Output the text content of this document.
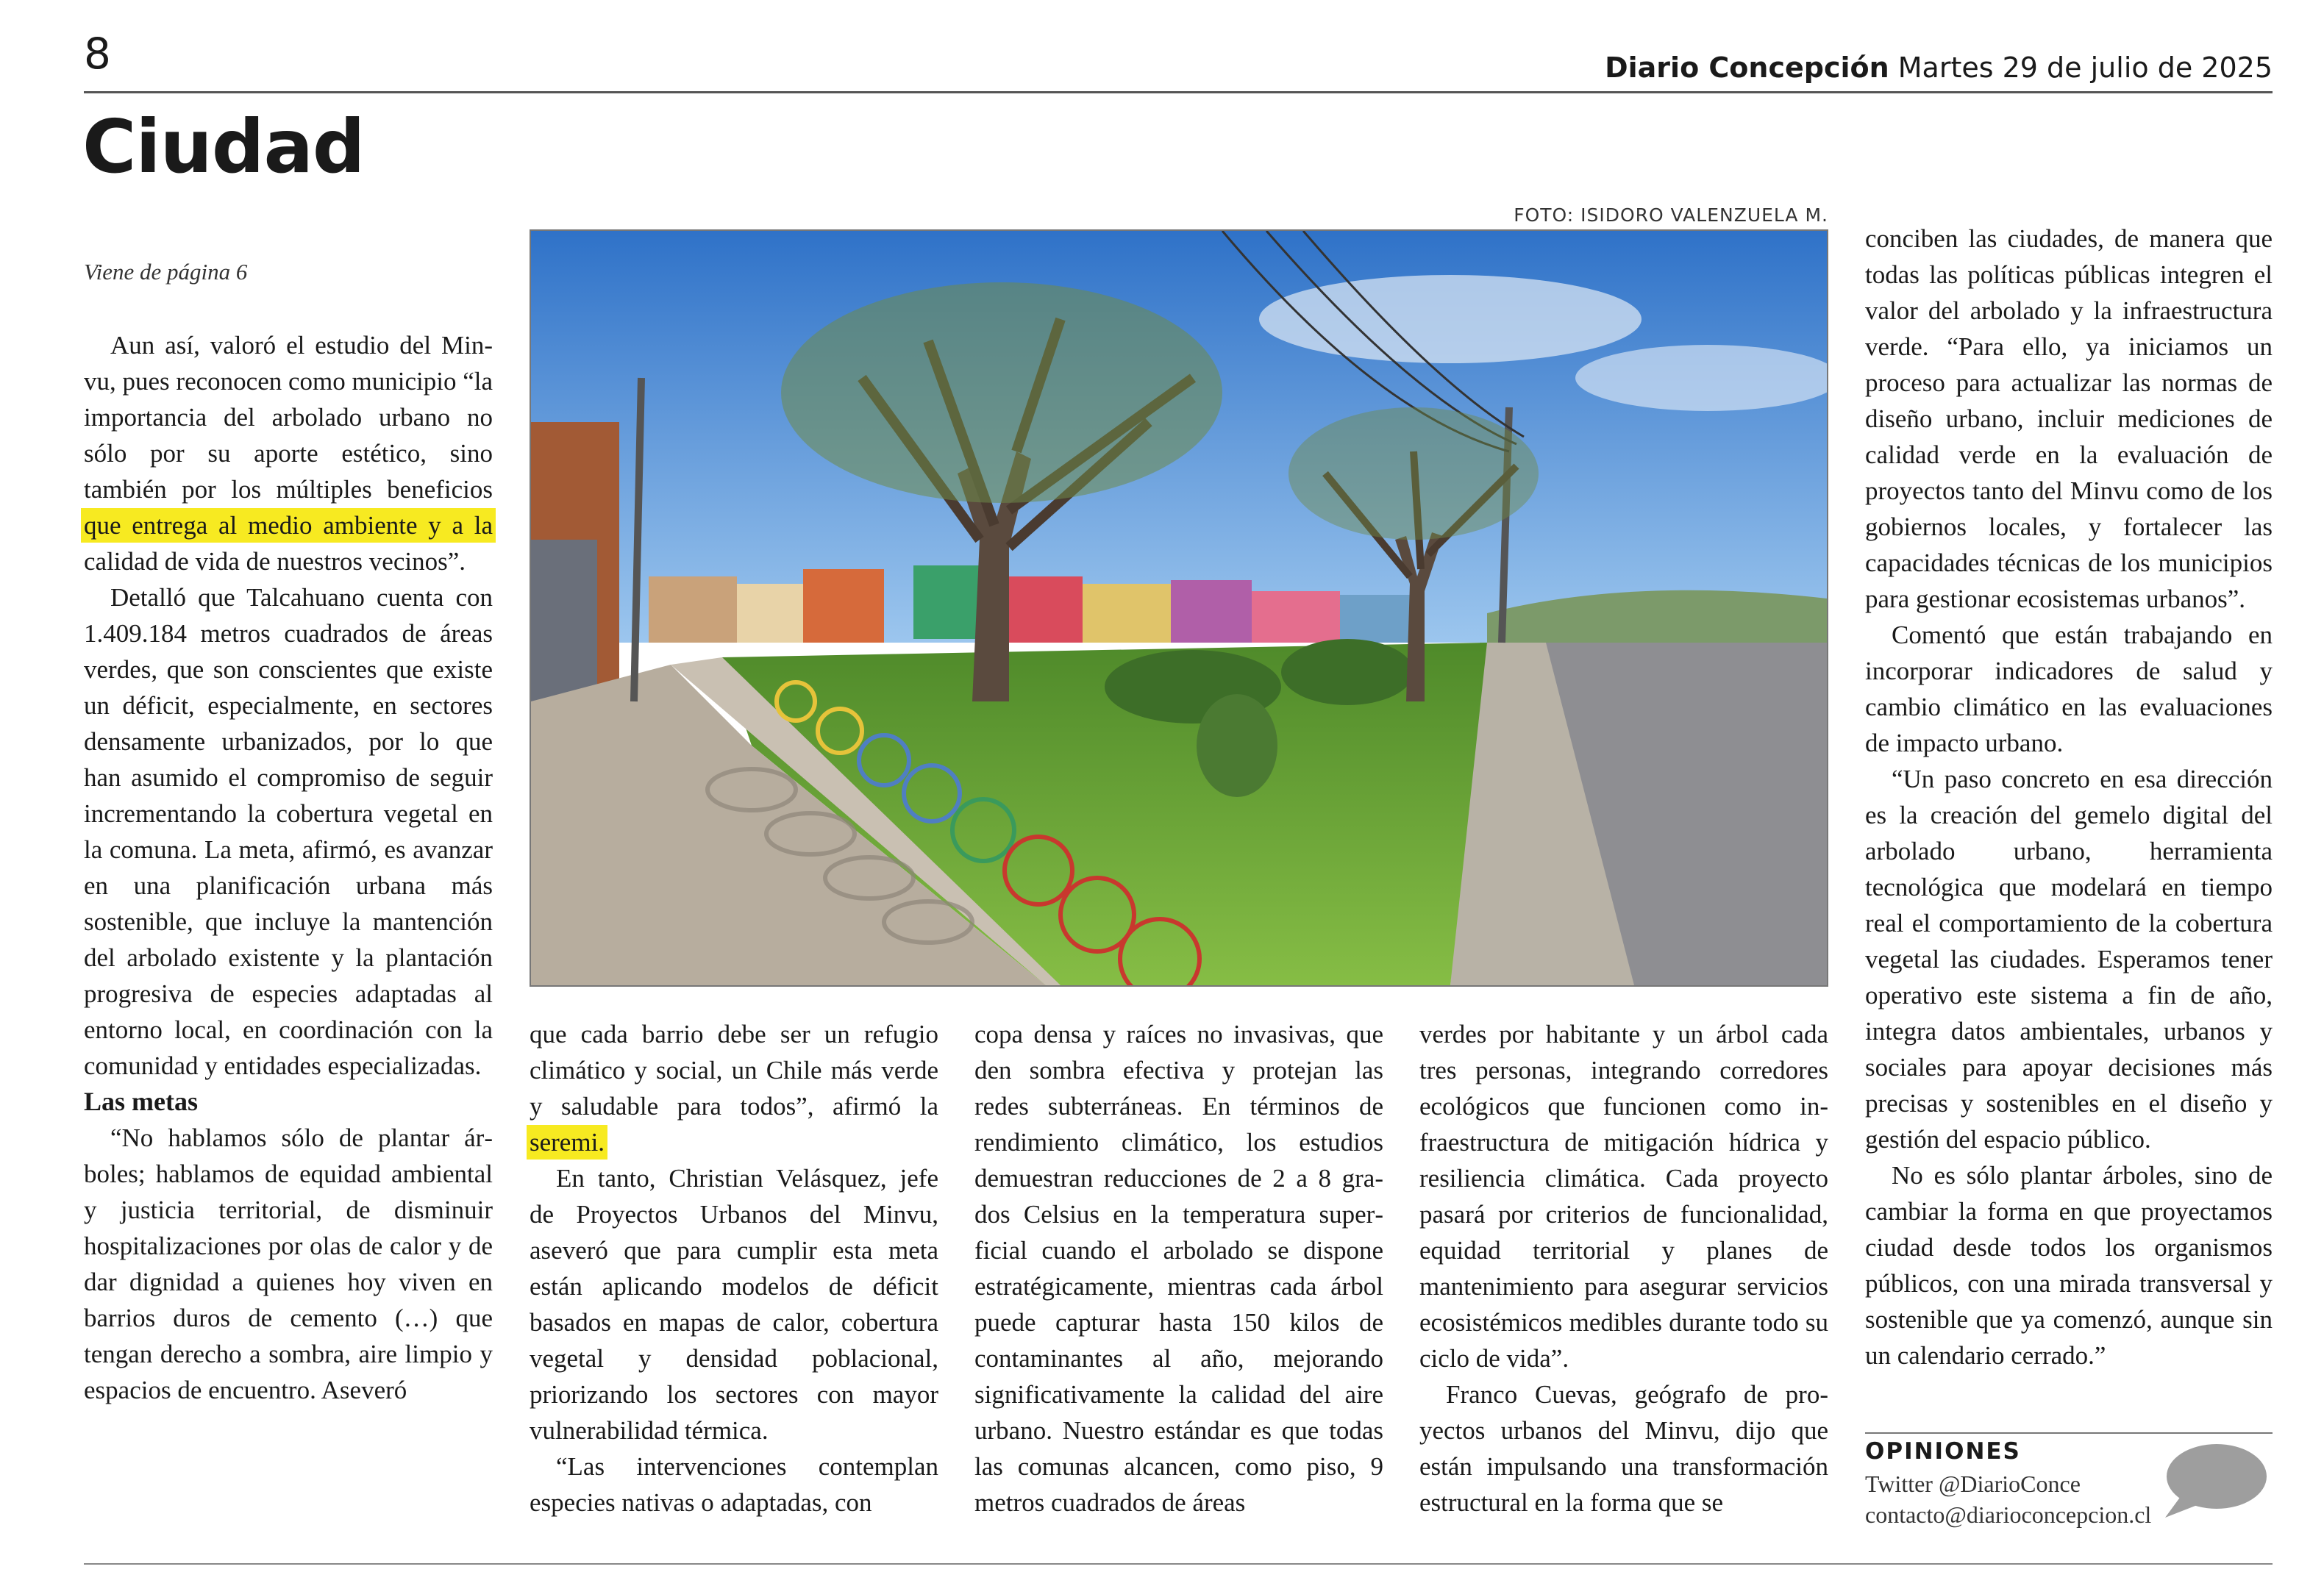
8	Diario Concepción Martes 29 de julio de 2025
Ciudad
Viene de página 6

Aun así, valoró el estudio del Minvu, pues reconocen como municipio “la importancia del arbolado urbano no sólo por su aporte estético, sino también por los múltiples beneficios que entrega al medio ambiente y a la calidad de vida de nuestros vecinos”.

Detalló que Talcahuano cuenta con 1.409.184 metros cuadrados de áreas verdes, que son conscientes que existe un déficit, especialmente, en sectores densamente urbanizados, por lo que han asumido el compromiso de seguir incrementando la cobertura vegetal en la comuna. La meta, afirmó, es avanzar en una planificación urbana más sostenible, que incluye la mantención del arbolado existente y la plantación progresiva de especies adaptadas al entorno local, en coordinación con la comunidad y entidades especializadas.

Las metas

“No hablamos sólo de plantar árboles; hablamos de equidad ambiental y justicia territorial, de disminuir hospitalizaciones por olas de calor y de dar dignidad a quienes hoy viven en barrios duros de cemento (…) que tengan derecho a sombra, aire limpio y espacios de encuentro. Aseveró

FOTO: ISIDORO VALENZUELA M.

que cada barrio debe ser un refugio climático y social, un Chile más verde y saludable para todos”, afirmó la seremi.

En tanto, Christian Velásquez, jefe de Proyectos Urbanos del Minvu, aseveró que para cumplir esta meta están aplicando modelos de déficit basados en mapas de calor, cobertura vegetal y densidad poblacional, priorizando los sectores con mayor vulnerabilidad térmica.

“Las intervenciones contemplan especies nativas o adaptadas, con

copa densa y raíces no invasivas, que den sombra efectiva y protejan las redes subterráneas. En términos de rendimiento climático, los estudios demuestran reducciones de 2 a 8 grados Celsius en la temperatura superficial cuando el arbolado se dispone estratégicamente, mientras cada árbol puede capturar hasta 150 kilos de contaminantes al año, mejorando significativamente la calidad del aire urbano. Nuestro estándar es que todas las comunas alcancen, como piso, 9 metros cuadrados de áreas

verdes por habitante y un árbol cada tres personas, integrando corredores ecológicos que funcionen como infraestructura de mitigación hídrica y resiliencia climática. Cada proyecto pasará por criterios de funcionalidad, equidad territorial y planes de mantenimiento para asegurar servicios ecosistémicos medibles durante todo su ciclo de vida”.

Franco Cuevas, geógrafo de proyectos urbanos del Minvu, dijo que están impulsando una transformación estructural en la forma que se

conciben las ciudades, de manera que todas las políticas públicas integren el valor del arbolado y la infraestructura verde. “Para ello, ya iniciamos un proceso para actualizar las normas de diseño urbano, incluir mediciones de calidad verde en la evaluación de proyectos tanto del Minvu como de los gobiernos locales, y fortalecer las capacidades técnicas de los municipios para gestionar ecosistemas urbanos”.

Comentó que están trabajando en incorporar indicadores de salud y cambio climático en las evaluaciones de impacto urbano.

“Un paso concreto en esa dirección es la creación del gemelo digital del arbolado urbano, herramienta tecnológica que modelará en tiempo real el comportamiento de la cobertura vegetal las ciudades. Esperamos tener operativo este sistema a fin de año, integra datos ambientales, urbanos y sociales para apoyar decisiones más precisas y sostenibles en el diseño y gestión del espacio público.

No es sólo plantar árboles, sino de cambiar la forma en que proyectamos ciudad desde todos los organismos públicos, con una mirada transversal y sostenible que ya comenzó, aunque sin un calendario cerrado.”

OPINIONES
Twitter @DiarioConce
contacto@diarioconcepcion.cl
